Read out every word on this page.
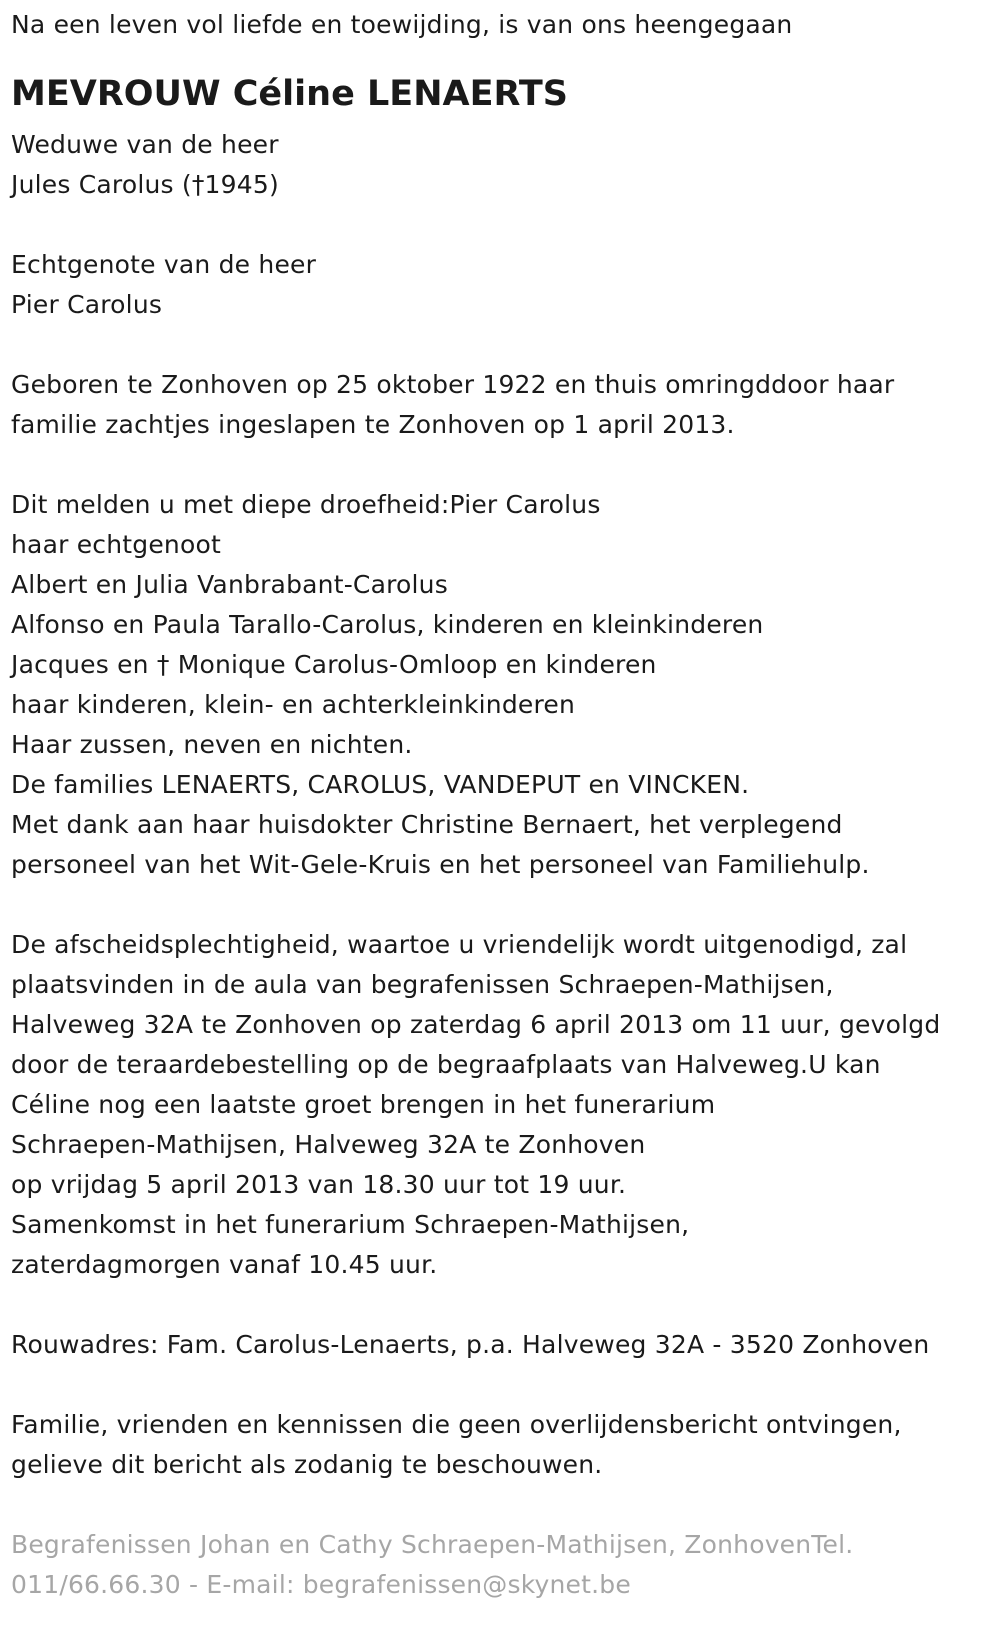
Na een leven vol liefde en toewijding, is van ons heengegaan
MEVROUW Céline LENAERTS
Weduwe van de heer
Jules Carolus (†1945)
Echtgenote van de heer
Pier Carolus
Geboren te Zonhoven op 25 oktober 1922 en thuis omringddoor haar
familie zachtjes ingeslapen te Zonhoven op 1 april 2013.
Dit melden u met diepe droefheid:Pier Carolus
haar echtgenoot
Albert en Julia Vanbrabant-Carolus
Alfonso en Paula Tarallo-Carolus, kinderen en kleinkinderen
Jacques en † Monique Carolus-Omloop en kinderen
haar kinderen, klein- en achterkleinkinderen
Haar zussen, neven en nichten.
De families LENAERTS, CAROLUS, VANDEPUT en VINCKEN.
Met dank aan haar huisdokter Christine Bernaert, het verplegend
personeel van het Wit-Gele-Kruis en het personeel van Familiehulp.
De afscheidsplechtigheid, waartoe u vriendelijk wordt uitgenodigd, zal
plaatsvinden in de aula van begrafenissen Schraepen-Mathijsen,
Halveweg 32A te Zonhoven op zaterdag 6 april 2013 om 11 uur, gevolgd
door de teraardebestelling op de begraafplaats van Halveweg.U kan
Céline nog een laatste groet brengen in het funerarium
Schraepen-Mathijsen, Halveweg 32A te Zonhoven
op vrijdag 5 april 2013 van 18.30 uur tot 19 uur.
Samenkomst in het funerarium Schraepen-Mathijsen,
zaterdagmorgen vanaf 10.45 uur.
Rouwadres: Fam. Carolus-Lenaerts, p.a. Halveweg 32A - 3520 Zonhoven
Familie, vrienden en kennissen die geen overlijdensbericht ontvingen,
gelieve dit bericht als zodanig te beschouwen.
Begrafenissen Johan en Cathy Schraepen-Mathijsen, ZonhovenTel.
011/66.66.30 - E-mail: begrafenissen@skynet.be
